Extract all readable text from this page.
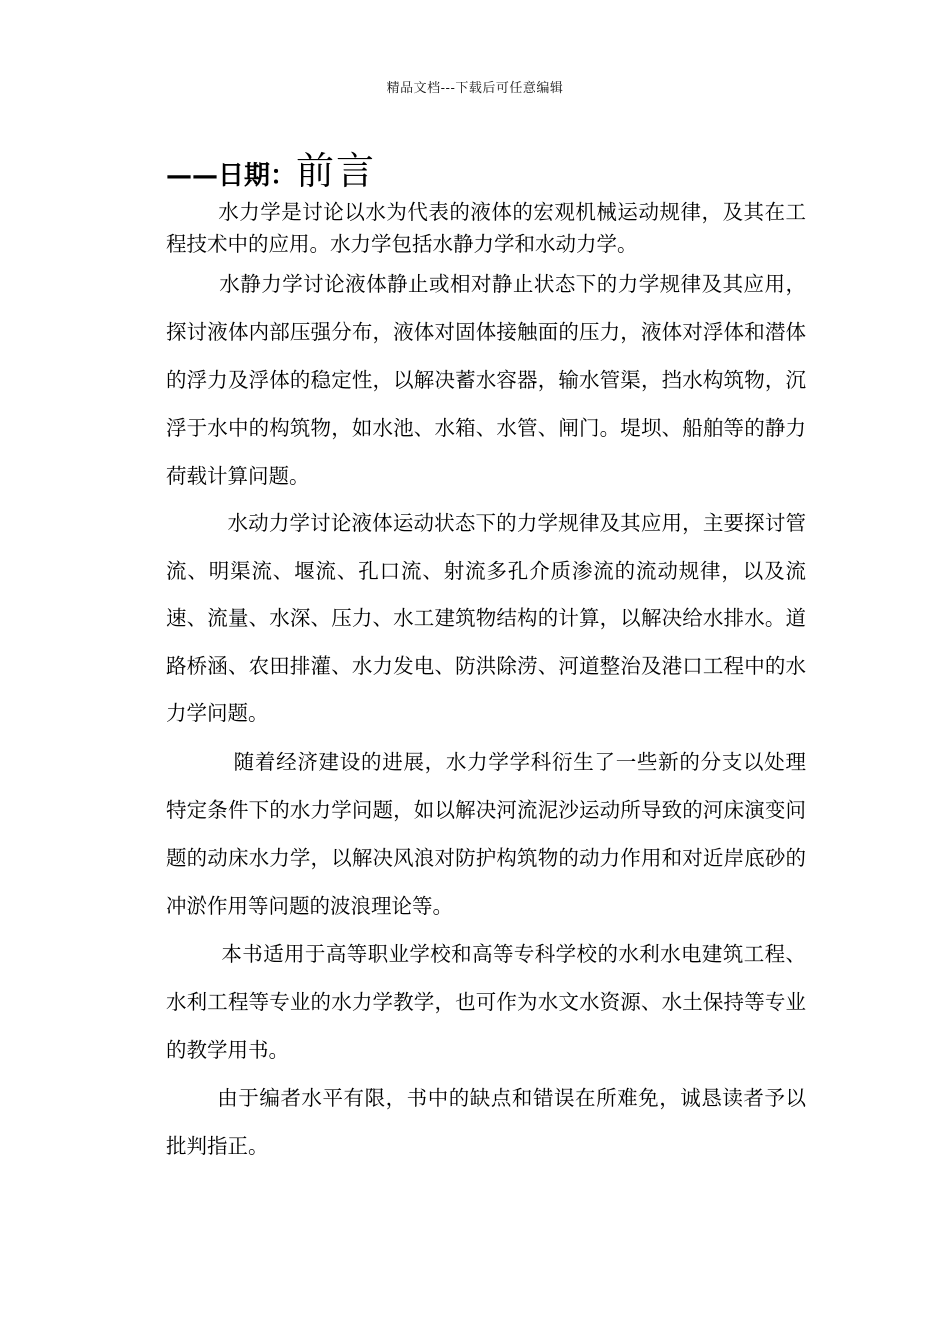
精品文档---下载后可任意编辑
——日期：前言

水力学是讨论以水为代表的液体的宏观机械运动规律，及其在工程技术中的应用。水力学包括水静力学和水动力学。

水静力学讨论液体静止或相对静止状态下的力学规律及其应用，探讨液体内部压强分布，液体对固体接触面的压力，液体对浮体和潜体的浮力及浮体的稳定性，以解决蓄水容器，输水管渠，挡水构筑物，沉浮于水中的构筑物，如水池、水箱、水管、闸门。堤坝、船舶等的静力荷载计算问题。

水动力学讨论液体运动状态下的力学规律及其应用，主要探讨管流、明渠流、堰流、孔口流、射流多孔介质渗流的流动规律，以及流速、流量、水深、压力、水工建筑物结构的计算，以解决给水排水。道路桥涵、农田排灌、水力发电、防洪除涝、河道整治及港口工程中的水力学问题。

随着经济建设的进展，水力学学科衍生了一些新的分支以处理特定条件下的水力学问题，如以解决河流泥沙运动所导致的河床演变问题的动床水力学，以解决风浪对防护构筑物的动力作用和对近岸底砂的冲淤作用等问题的波浪理论等。

本书适用于高等职业学校和高等专科学校的水利水电建筑工程、水利工程等专业的水力学教学，也可作为水文水资源、水土保持等专业的教学用书。

由于编者水平有限，书中的缺点和错误在所难免，诚恳读者予以批判指正。
